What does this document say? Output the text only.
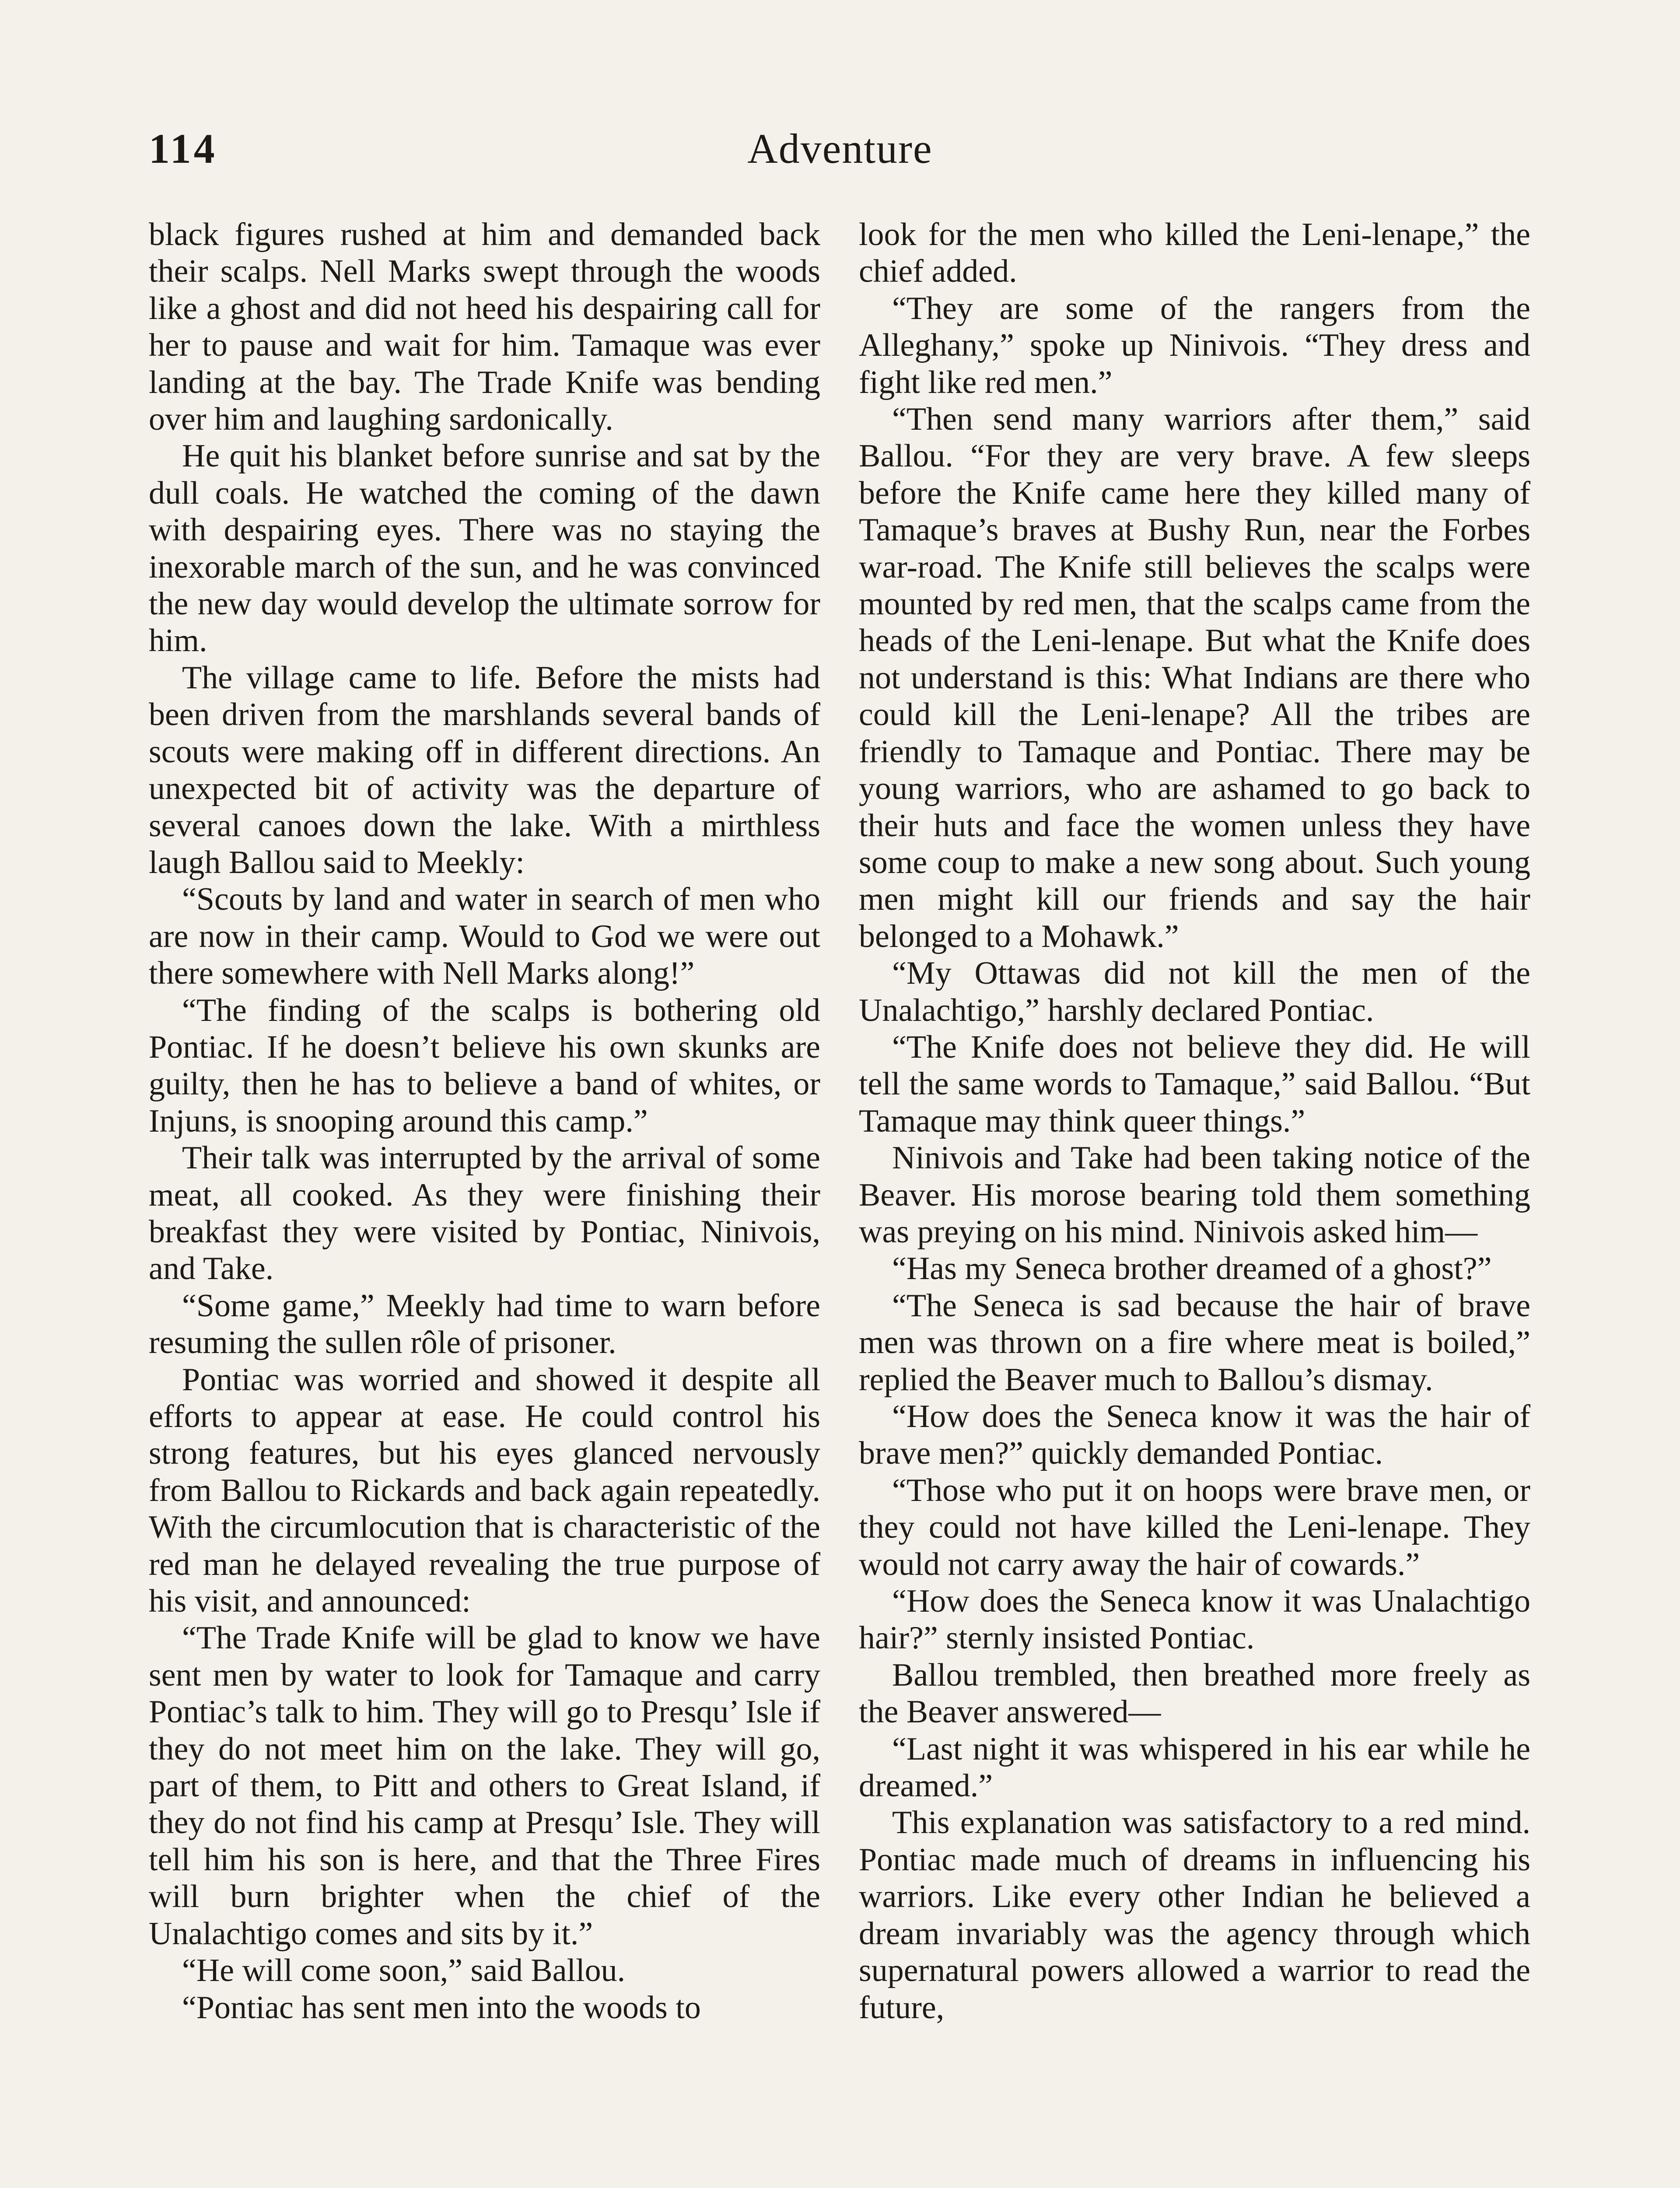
114	Adventure

black figures rushed at him and demanded back their scalps. Nell Marks swept through the woods like a ghost and did not heed his despairing call for her to pause and wait for him. Tamaque was ever landing at the bay. The Trade Knife was bending over him and laughing sardonically.

He quit his blanket before sunrise and sat by the dull coals. He watched the coming of the dawn with despairing eyes. There was no staying the inexorable march of the sun, and he was convinced the new day would develop the ultimate sorrow for him.

The village came to life. Before the mists had been driven from the marshlands several bands of scouts were making off in different directions. An unexpected bit of activity was the departure of several canoes down the lake. With a mirthless laugh Ballou said to Meekly:

“Scouts by land and water in search of men who are now in their camp. Would to God we were out there somewhere with Nell Marks along!”

“The finding of the scalps is bothering old Pontiac. If he doesn’t believe his own skunks are guilty, then he has to believe a band of whites, or Injuns, is snooping around this camp.”

Their talk was interrupted by the arrival of some meat, all cooked. As they were finishing their breakfast they were visited by Pontiac, Ninivois, and Take.

“Some game,” Meekly had time to warn before resuming the sullen rôle of prisoner.

Pontiac was worried and showed it despite all efforts to appear at ease. He could control his strong features, but his eyes glanced nervously from Ballou to Rickards and back again repeatedly. With the circumlocution that is characteristic of the red man he delayed revealing the true purpose of his visit, and announced:

“The Trade Knife will be glad to know we have sent men by water to look for Tamaque and carry Pontiac’s talk to him. They will go to Presqu’ Isle if they do not meet him on the lake. They will go, part of them, to Pitt and others to Great Island, if they do not find his camp at Presqu’ Isle. They will tell him his son is here, and that the Three Fires will burn brighter when the chief of the Unalachtigo comes and sits by it.”

“He will come soon,” said Ballou.

“Pontiac has sent men into the woods to

look for the men who killed the Leni-lenape,” the chief added.

“They are some of the rangers from the Alleghany,” spoke up Ninivois. “They dress and fight like red men.”

“Then send many warriors after them,” said Ballou. “For they are very brave. A few sleeps before the Knife came here they killed many of Tamaque’s braves at Bushy Run, near the Forbes war-road. The Knife still believes the scalps were mounted by red men, that the scalps came from the heads of the Leni-lenape. But what the Knife does not understand is this: What Indians are there who could kill the Leni-lenape? All the tribes are friendly to Tamaque and Pontiac. There may be young warriors, who are ashamed to go back to their huts and face the women unless they have some coup to make a new song about. Such young men might kill our friends and say the hair belonged to a Mohawk.”

“My Ottawas did not kill the men of the Unalachtigo,” harshly declared Pontiac.

“The Knife does not believe they did. He will tell the same words to Tamaque,” said Ballou. “But Tamaque may think queer things.”

Ninivois and Take had been taking notice of the Beaver. His morose bearing told them something was preying on his mind. Ninivois asked him—

“Has my Seneca brother dreamed of a ghost?”

“The Seneca is sad because the hair of brave men was thrown on a fire where meat is boiled,” replied the Beaver much to Ballou’s dismay.

“How does the Seneca know it was the hair of brave men?” quickly demanded Pontiac.

“Those who put it on hoops were brave men, or they could not have killed the Leni-lenape. They would not carry away the hair of cowards.”

“How does the Seneca know it was Unalachtigo hair?” sternly insisted Pontiac.

Ballou trembled, then breathed more freely as the Beaver answered—

“Last night it was whispered in his ear while he dreamed.”

This explanation was satisfactory to a red mind. Pontiac made much of dreams in influencing his warriors. Like every other Indian he believed a dream invariably was the agency through which supernatural powers allowed a warrior to read the future,
